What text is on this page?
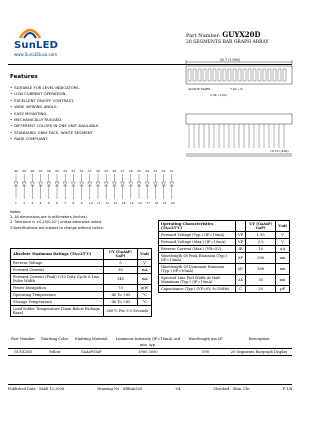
SunLED
www.SunLEDusa.com
Part Number: GUYX20D
20 SEGMENTS BAR GRAPH ARRAY
Features
• SUITABLE FOR LEVEL INDICATORS.
• LOW CURRENT OPERATION.
• EXCELLENT ON/OFF CONTRAST.
• WIDE VIEWING ANGLE.
• EASY MOUNTING.
• MECHANICALLY RUGGED.
• DIFFERENT COLORS IN ONE UNIT AVAILABLE.
• STANDARD: GRAY FACE, WHITE SEGMENT.
• RoHS COMPLIANT.
50.7 (1.996)
ANODE MARK
2.54 (.100)
7.62 (.3)
10.16 (.400)
40 39 38 37 36 35 34 33 32 31 30 29 28 27 26 25 24 23 22 21
1 2 3 4 5 6 7 8 9 10 11 12 13 14 15 16 17 18 19 20
Notes:
1. All dimensions are in millimeters (inches).
2. Tolerance is ±0.25(0.01") unless otherwise noted.
3.Specifications are subject to change without notice.
Absolute Maximum Ratings (TA=25°C)	UY (GaAsP/ GaP)	Unit
Reverse Voltage	5	V
Forward Current	30	mA
Forward Current (Peak) 1/10 Duty Cycle 0.1ms Pulse Width	140	mA
Power Dissipation	75	mW
Operating Temperature	-40 To +85	°C
Storage Temperature	-40 To +85	°C
Lead Solder Temperature [2mm Below Package Base]	260°C For 3-5 Seconds	
Operating Characteristics (TA=25°C)		UY (GaAsP/ GaP)	Unit
Forward Voltage (Typ.) (IF=10mA)	VF	1.95	V
Forward Voltage (Max.) (IF=10mA)	VF	2.5	V
Reverse Current (Max.) (VR=5V)	IR	10	uA
Wavelength Of Peak Emission (Typ.) (IF=10mA)	λP	590	nm
Wavelength Of Dominant Emission (Typ.) (IF=10mA)	λD	588	nm
Spectral Line Full Width At Half-Maximum (Typ.) (IF=10mA)	Δλ	35	nm
Capacitance (Typ.) (VF=0V, f=1MHz)	C	20	pF
Part Number	Emitting Color	Emitting Material	Luminous Intensity (IF=10mA) ucd	Wavelength nm λP	Description
			min. typ.		
GUYX20D	Yellow	GaAsP/GaP	1900 3000	590	20 Segments Bargraph Display
Published Date : MAR 13,2008	Drawing No : SBRA6520	V4	Checked : Shin. Chi	P 1/4
